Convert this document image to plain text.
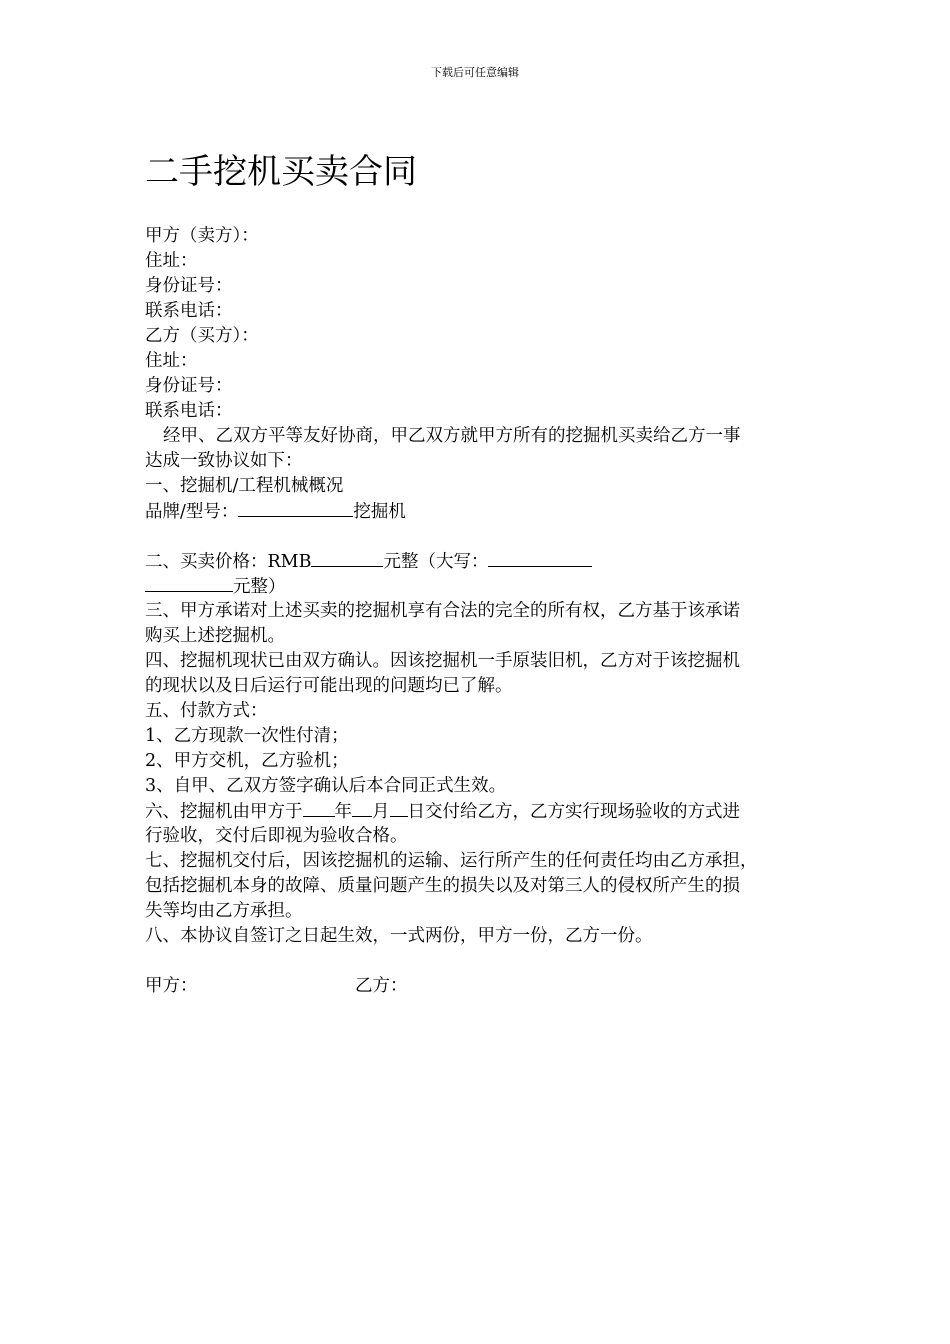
下载后可任意编辑
二手挖机买卖合同
甲方（卖方）：
住址：
身份证号：
联系电话：
乙方（买方）：
住址：
身份证号：
联系电话：
经甲、乙双方平等友好协商，甲乙双方就甲方所有的挖掘机买卖给乙方一事
达成一致协议如下：
一、挖掘机/工程机械概况
品牌/型号：	挖掘机
二、买卖价格：RMB	元整（大写：
元整）
三、甲方承诺对上述买卖的挖掘机享有合法的完全的所有权，乙方基于该承诺
购买上述挖掘机。
四、挖掘机现状已由双方确认。因该挖掘机一手原装旧机，乙方对于该挖掘机
的现状以及日后运行可能出现的问题均已了解。
五、付款方式：
1、乙方现款一次性付清；
2、甲方交机，乙方验机；
3、自甲、乙双方签字确认后本合同正式生效。
六、挖掘机由甲方于 年 月 日交付给乙方，乙方实行现场验收的方式进
行验收，交付后即视为验收合格。
七、挖掘机交付后，因该挖掘机的运输、运行所产生的任何责任均由乙方承担，
包括挖掘机本身的故障、质量问题产生的损失以及对第三人的侵权所产生的损
失等均由乙方承担。
八、本协议自签订之日起生效，一式两份，甲方一份，乙方一份。
甲方：	乙方：
